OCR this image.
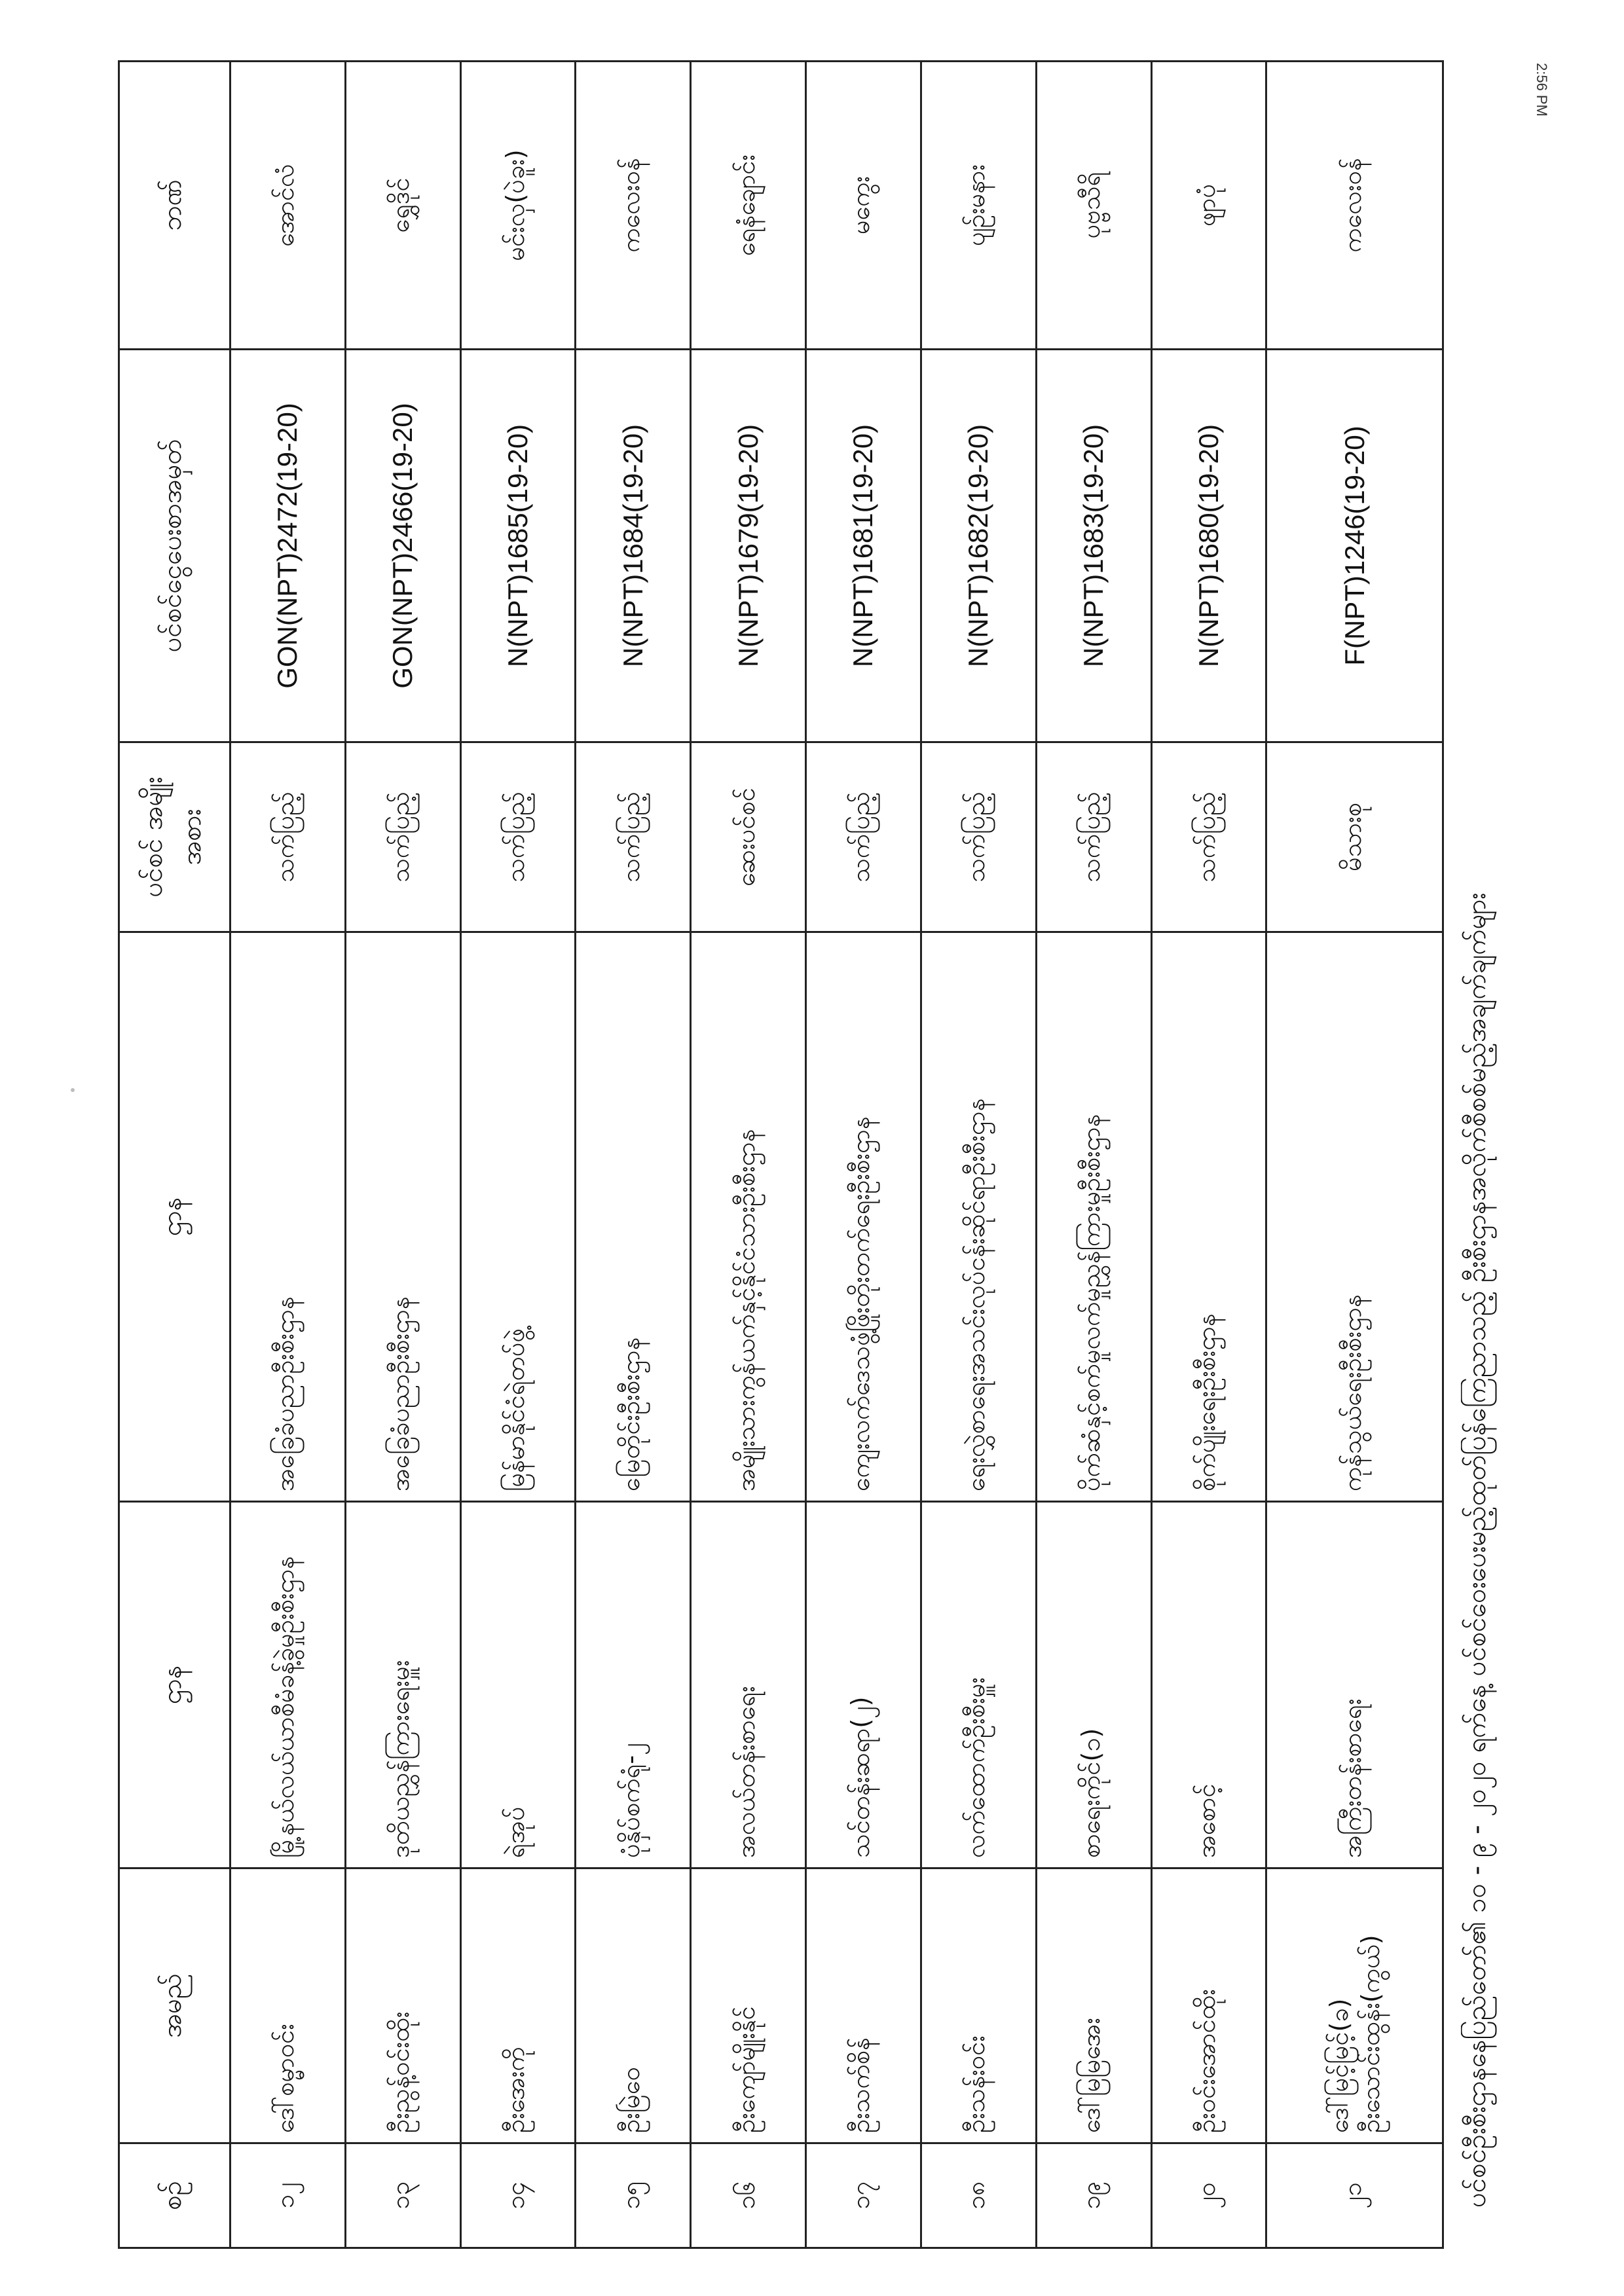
2:56 PM
ပင်စင်ဦးစီးဌာနနေပြည်တော်၏ ၁၀ - ၉ - ၂၀၂၀ ရက်နေ့ ပင်စင်ဝေးပေးမည့်ထုတ်ပြန်ကြေညာသည့် ဦးစီးဌာနအလိုက်စီစစ်မည့်အချက်ချက်များ
စဉ်	အမည်	ဌာန	ဌာန	ပင်စင် အမျိုးအစား	ပင်စင်ငွေပေးစာအမှတ်	ဘဏ်
၁၂	ဒေါ်စမ္မာဝင်း	မြို့နယ်လယ်ယာစီမံခန့်ခွဲမှုဦးစီးဌာန	အခြေခံပညာဦးစီးဌာန	သက်ပြည့်	GON(NPT)2472(19-20)	အောင်လံ
၁၃	ဦးညွန့်ဝင်းထိုး	ဒုတိယညွှန်ကြားရေးမှူး	အခြေခံပညာဦးစီးဌာန	သက်ပြည့်	GON(NPT)2466(19-20)	ရွှေဒိုင်
၁၄	ဦးအေးကို	ရဲအုပ်	မြန်မာနိုင်ငံရဲတပ်ဖွဲ့	သက်ပြည့်	N(NPT)1685(19-20)	မင်းလှ(ပဲခူး)
၁၅	ဦးမြဲဝေ	ပုံနှိပ်စက်ရုံ-၂	မြေတိုင်းဦးစီးဌာန	သက်ပြည့်	N(NPT)1684(19-20)	ကလေးဝန်
၁၆	ဦးကျော်မျိုးနိုင်	အလယ်တန်းစာရေး	အမျိုးသားကွန်ယက်နှင့်နိုင်ငံသားဦးစီးဌာန	ဆေးပင်စင်	N(NPT)1679(19-20)	ရေနံချောင်း
၁၇	ဦးသက်စိန်	သင်တန်းဆရာ(၂)	ကျေးလက်ဒေသဖွံ့ဖြိုးတိုးတက်ရေးဦးစီးဌာန	သက်ပြည့်	N(NPT)1681(19-20)	မကွေး
၁၈	ဦးသန်းဝင်း	လက်ထောက်ဦးစီးမှူး	ရေးလွှဲစာရေးအသင်းလုပ်ငန်းဆိုင်ရာဦးစီးဌာန	သက်ပြည့်	N(NPT)1682(19-20)	ပျဉ်းမနား
၁၉	ဒေါ်မြမြအေး	စာရေးကိုင်(၁)	ပိုက်ဆံနှင့်စက်မှုလက်မှုညွှန်ကြားမှုဦးစီးဌာန	သက်ပြည့်	N(NPT)1683(19-20)	ပုဗ္ဗသီရိ
၂၀	ဦးဝင်းအောင်ထိုး	အစောင့်	စိုက်ပျိုးရေးဦးစီးဌာန	သက်ပြည့်	N(NPT)1680(19-20)	ဖျာပုံ
၂၁	ဒေါ်မြင့်မြင့်(ခ) ဦးသောင်းထွန်း(ကွယ်)	အကြီးတန်းစာရေး	ကုန်သွယ်ရေးဦးစီးဌာန	မိသားစု	F(NPT)1246(19-20)	ကလေးဝန်
